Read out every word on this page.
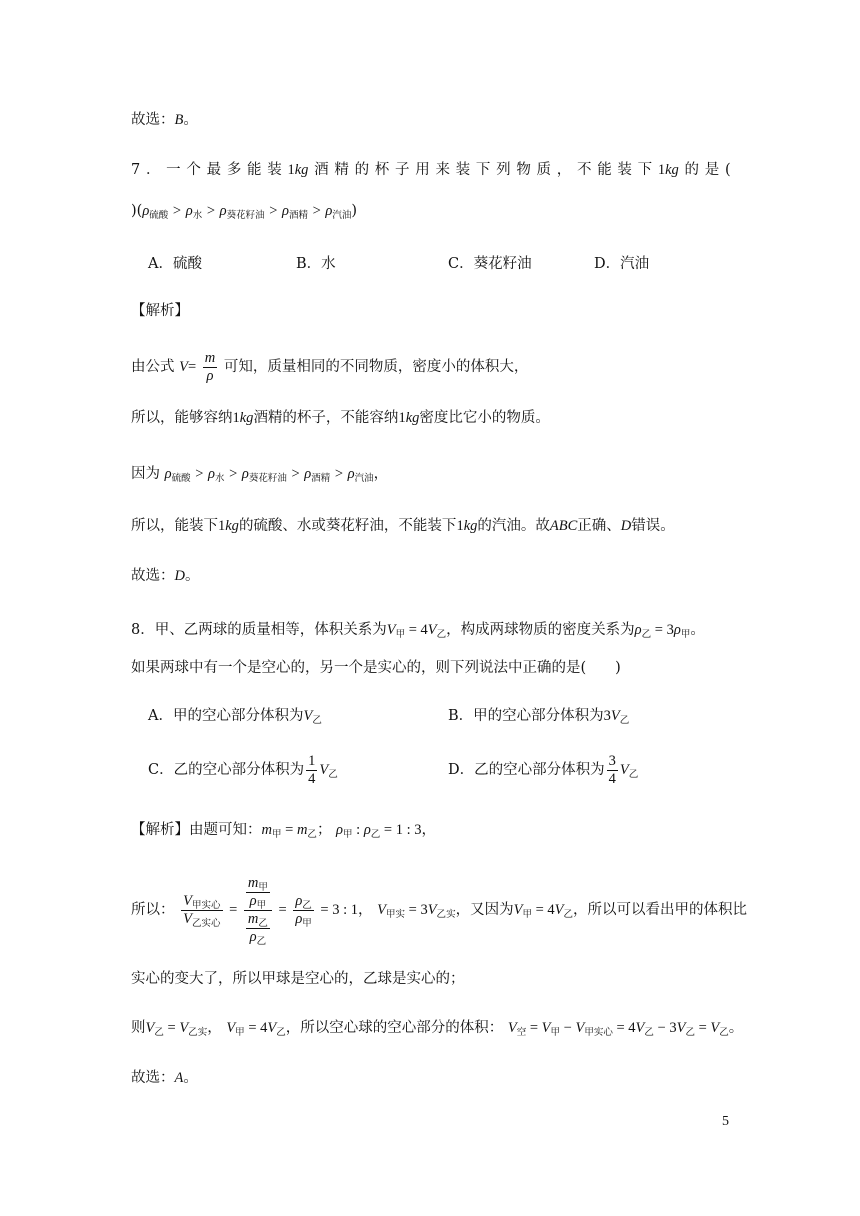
故选：B。
7 ． 一 个 最 多 能 装 1kg 酒 精 的 杯 子 用 来 装 下 列 物 质 ， 不 能 装 下 1kg 的 是 (
)$(\rho_{硫酸} > \rho_水 > \rho_{葵花籽油} > \rho_{酒精} > \rho_{汽油})$
A．硫酸	B．水	C．葵花籽油	D．汽油
【解析】
由公式 $V= \frac{m}{\rho}$ 可知，质量相同的不同物质，密度小的体积大，
所以，能够容纳1kg酒精的杯子，不能容纳1kg密度比它小的物质。
因为 $\rho_{硫酸} > \rho_水 > \rho_{葵花籽油} > \rho_{酒精} > \rho_{汽油}$，
所以，能装下1kg的硫酸、水或葵花籽油，不能装下1kg的汽油。故ABC正确、D错误。
故选：D。
8．甲、乙两球的质量相等，体积关系为$V_甲 = 4V_乙$，构成两球物质的密度关系为$\rho_乙 = 3\rho_甲$。
如果两球中有一个是空心的，另一个是实心的，则下列说法中正确的是(　　)
A．甲的空心部分体积为$V_乙$	B．甲的空心部分体积为$3V_乙$
C．乙的空心部分体积为 $\frac{1}{4} V_乙$	D．乙的空心部分体积为 $\frac{3}{4} V_乙$
【解析】由题可知：$m_甲 = m_乙$； $\rho_甲$ : $\rho_乙 = 1$ : 3，
所以： $\frac{V_{甲实心}}{V_{乙实心}} = \frac{\frac{m_甲}{\rho_甲}}{\frac{m_乙}{\rho_乙}} = \frac{\rho_乙}{\rho_甲} = 3$ : 1， $V_{甲实} = 3V_{乙实}$，又因为$V_甲 = 4V_乙$，所以可以看出甲的体积比
实心的变大了，所以甲球是空心的，乙球是实心的；
则$V_乙 = V_{乙实}$， $V_甲 = 4V_乙$，所以空心球的空心部分的体积： $V_空 = V_甲 - V_{甲实心} = 4V_乙 - 3V_乙 = V_乙$。
故选：A。
5
